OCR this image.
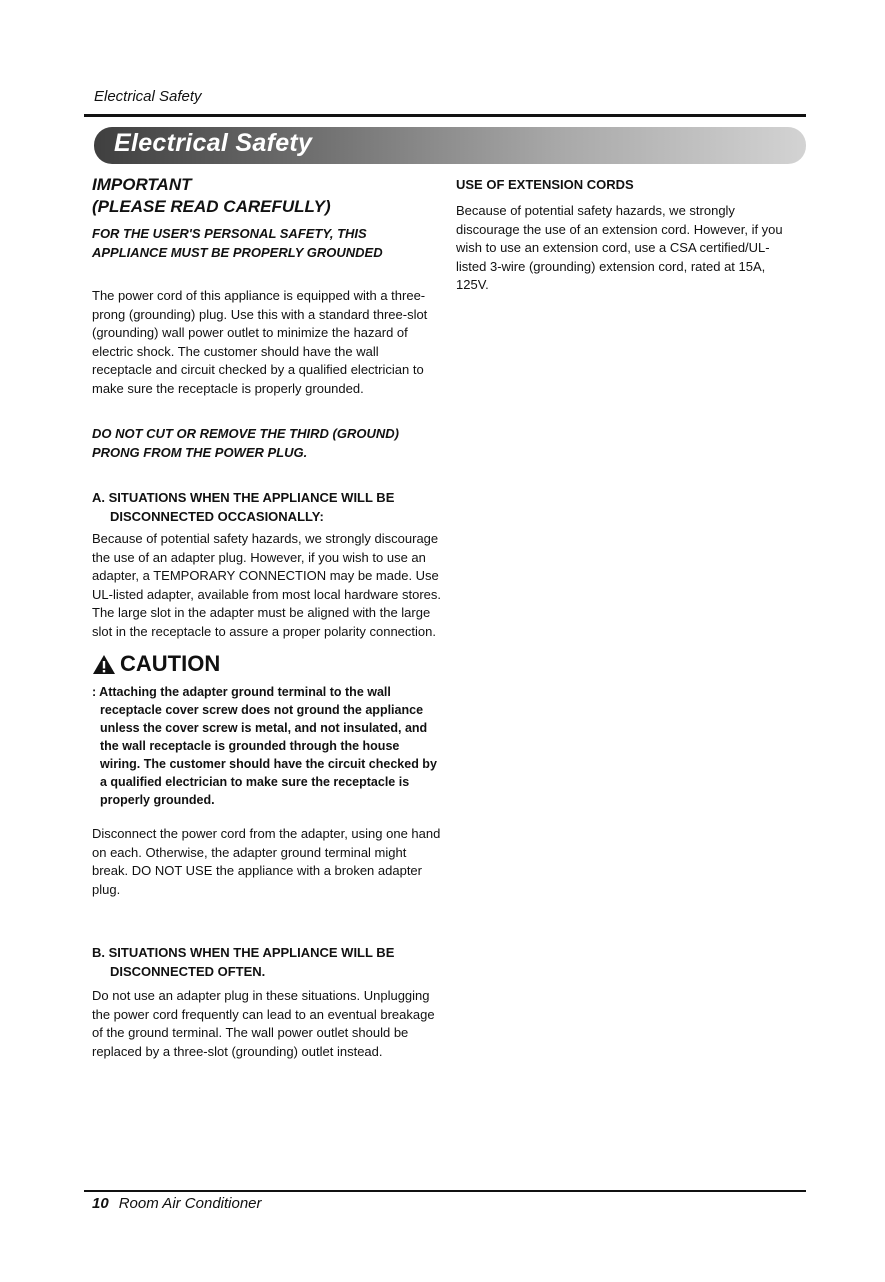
Electrical Safety
Electrical Safety

IMPORTANT

(PLEASE READ CAREFULLY)

FOR THE USER'S PERSONAL SAFETY, THIS APPLIANCE MUST BE PROPERLY GROUNDED

The power cord of this appliance is equipped with a three-prong (grounding) plug. Use this with a standard three-slot (grounding) wall power outlet to minimize the hazard of electric shock. The customer should have the wall receptacle and circuit checked by a qualified electrician to make sure the receptacle is properly grounded.

DO NOT CUT OR REMOVE THE THIRD (GROUND) PRONG FROM THE POWER PLUG.

A. SITUATIONS WHEN THE APPLIANCE WILL BE
DISCONNECTED OCCASIONALLY:

Because of potential safety hazards, we strongly discourage the use of an adapter plug. However, if you wish to use an adapter, a TEMPORARY CONNECTION may be made. Use UL-listed adapter, available from most local hardware stores.

The large slot in the adapter must be aligned with the large slot in the receptacle to assure a proper polarity connection.

CAUTION

: Attaching the adapter ground terminal to the wall receptacle cover screw does not ground the appliance unless the cover screw is metal, and not insulated, and the wall receptacle is grounded through the house wiring. The customer should have the circuit checked by a qualified electrician to make sure the receptacle is properly grounded.

Disconnect the power cord from the adapter, using one hand on each. Otherwise, the adapter ground terminal might break. DO NOT USE the appliance with a broken adapter plug.

B. SITUATIONS WHEN THE APPLIANCE WILL BE
DISCONNECTED OFTEN.

Do not use an adapter plug in these situations. Unplugging the power cord frequently can lead to an eventual breakage of the ground terminal. The wall power outlet should be replaced by a three-slot (grounding) outlet instead.

USE OF EXTENSION CORDS

Because of potential safety hazards, we strongly discourage the use of an extension cord. However, if you wish to use an extension cord, use a CSA certified/UL-listed 3-wire (grounding) extension cord, rated at 15A, 125V.

10 Room Air Conditioner
